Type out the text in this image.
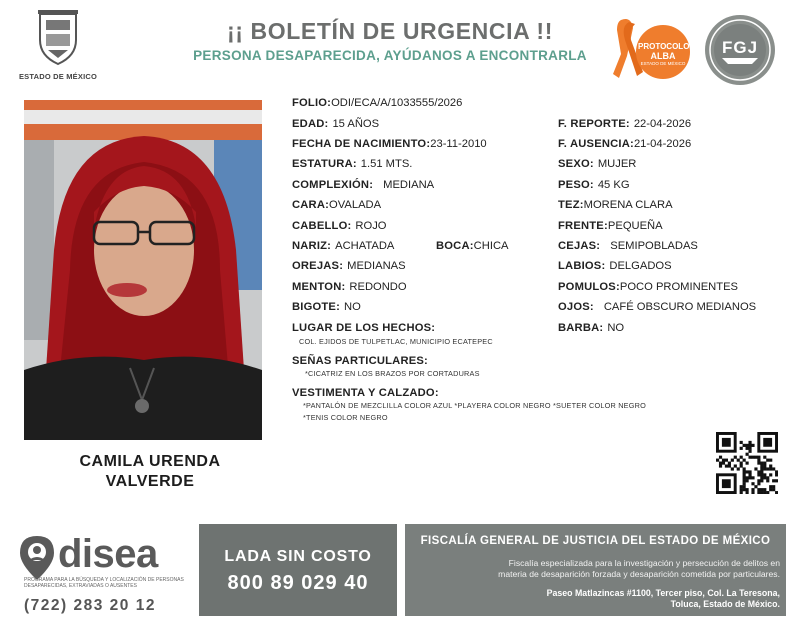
ESTADO DE MÉXICO
¡¡ BOLETÍN DE URGENCIA !!
PERSONA DESAPARECIDA, AYÚDANOS A ENCONTRARLA
PROTOCOLO
ALBA
ESTADO DE MÉXICO
FGJ
CAMILA URENDA
VALVERDE
FOLIO:ODI/ECA/A/1033555/2026
EDAD: 15 AÑOS	F. REPORTE: 22-04-2026
FECHA DE NACIMIENTO:23-11-2010	F. AUSENCIA:21-04-2026
ESTATURA: 1.51 MTS.	SEXO: MUJER
COMPLEXIÓN: MEDIANA	PESO: 45 KG
CARA:OVALADA	TEZ:MORENA CLARA
CABELLO: ROJO	FRENTE:PEQUEÑA
NARIZ: ACHATADA	BOCA:CHICA	CEJAS: SEMIPOBLADAS
OREJAS: MEDIANAS	LABIOS: DELGADOS
MENTON: REDONDO	POMULOS:POCO PROMINENTES
BIGOTE: NO	OJOS: CAFÉ OBSCURO MEDIANOS
LUGAR DE LOS HECHOS:	BARBA: NO
COL. EJIDOS DE TULPETLAC, MUNICIPIO ECATEPEC
SEÑAS PARTICULARES:
*CICATRIZ EN LOS BRAZOS POR CORTADURAS
VESTIMENTA Y CALZADO:
*PANTALÓN DE MEZCLILLA COLOR AZUL *PLAYERA COLOR NEGRO *SUETER COLOR NEGRO
*TENIS COLOR NEGRO
disea
PROGRAMA PARA LA BÚSQUEDA Y LOCALIZACIÓN DE PERSONAS DESAPARECIDAS, EXTRAVIADAS O AUSENTES
(722) 283 20 12
LADA SIN COSTO
800 89 029 40
FISCALÍA GENERAL DE JUSTICIA DEL ESTADO DE MÉXICO
Fiscalía especializada para la investigación y persecución de delitos en
materia de desaparición forzada y desaparición cometida por particulares.
Paseo Matlazincas #1100, Tercer piso, Col. La Teresona,
Toluca, Estado de México.
